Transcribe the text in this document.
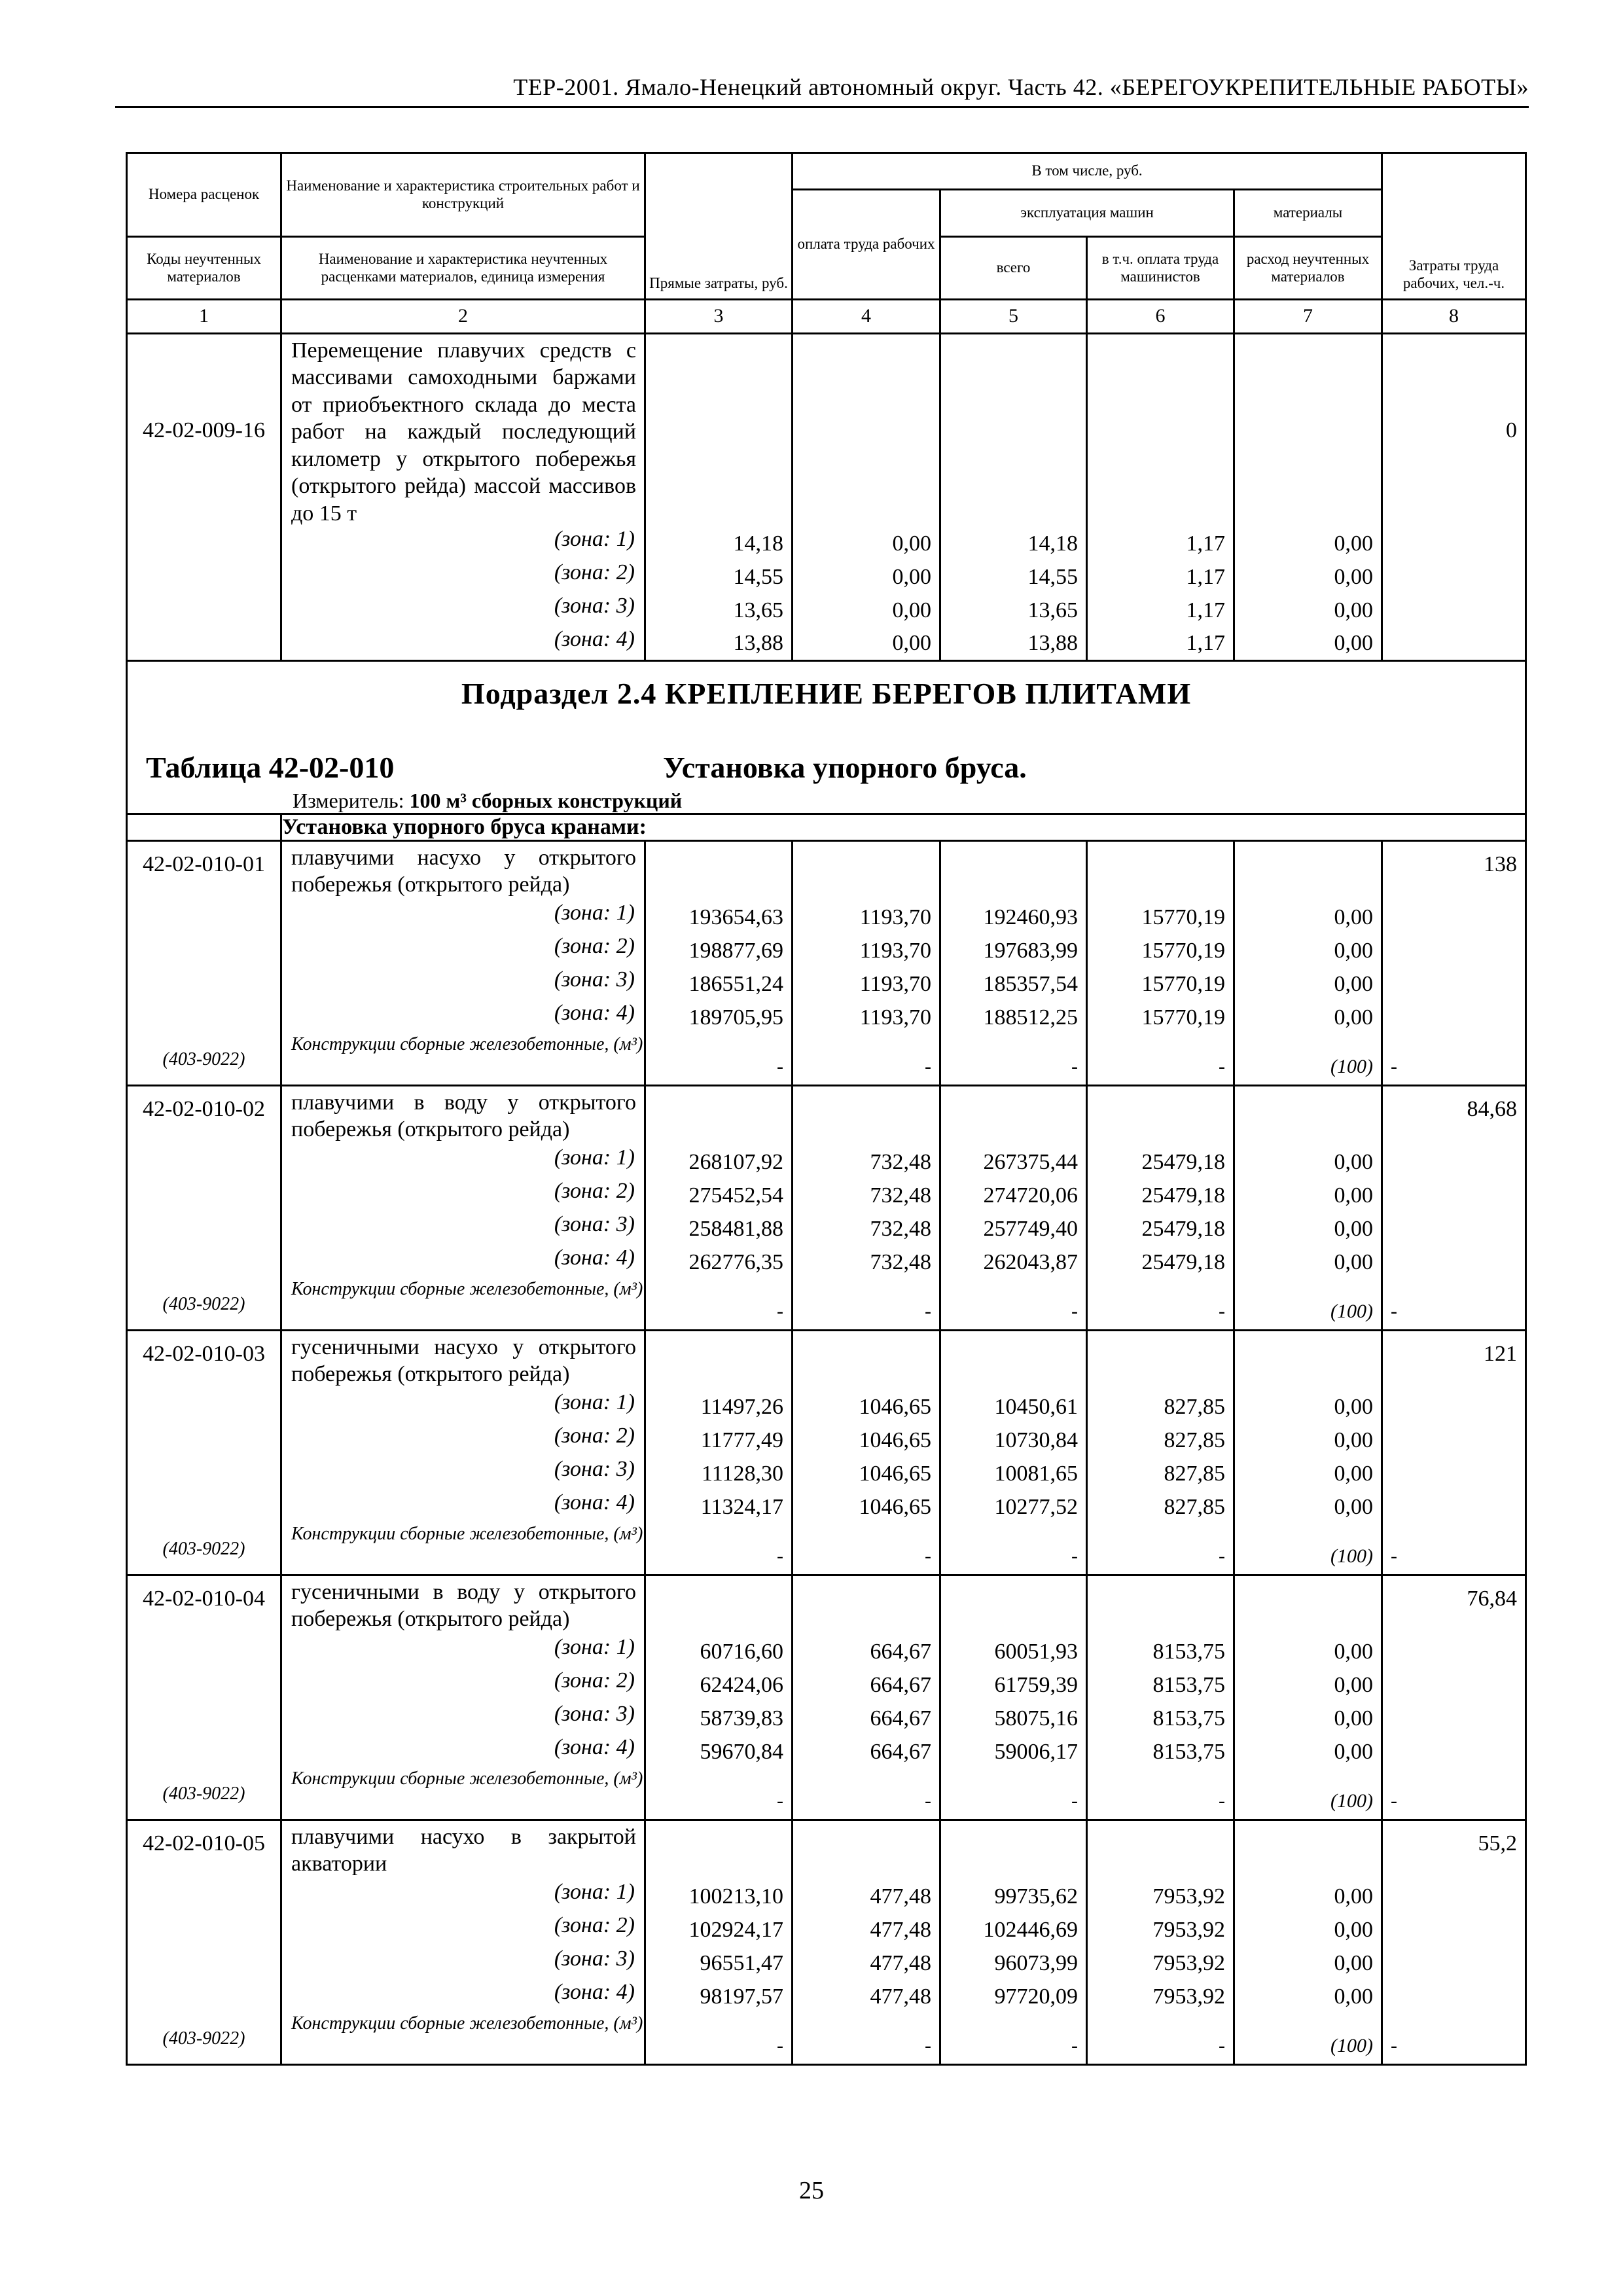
ТЕР-2001. Ямало-Ненецкий автономный округ. Часть 42. «БЕРЕГОУКРЕПИТЕЛЬНЫЕ РАБОТЫ»
Номера расценок	Наименование и характеристика строительных работ и конструкций	Прямые затраты, руб.	В том числе, руб.				Затраты труда рабочих, чел.-ч.
			оплата труда рабочих	эксплуатация машин		материалы	
Коды неучтенных материалов	Наименование и характеристика неучтенных расценками материалов, единица измерения			всего	в т.ч. оплата труда машинистов	расход неучтенных материалов	
1	2	3	4	5	6	7	8
42-02-009-16	Перемещение плавучих средств с массивами самоходными баржами от приобъектного склада до места работ на каждый последующий километр у открытого побережья (открытого рейда) массой массивов до 15 т						0
	(зона: 1)	14,18	0,00	14,18	1,17	0,00	
	(зона: 2)	14,55	0,00	14,55	1,17	0,00	
	(зона: 3)	13,65	0,00	13,65	1,17	0,00	
	(зона: 4)	13,88	0,00	13,88	1,17	0,00	

Подраздел 2.4 КРЕПЛЕНИЕ БЕРЕГОВ ПЛИТАМИ
Таблица 42-02-010 Установка упорного бруса.
Измеритель: 100 м³ сборных конструкций							

	Установка упорного бруса кранами:						
42-02-010-01	плавучими насухо у открытого побережья (открытого рейда)						138
	(зона: 1)	193654,63	1193,70	192460,93	15770,19	0,00	
	(зона: 2)	198877,69	1193,70	197683,99	15770,19	0,00	
	(зона: 3)	186551,24	1193,70	185357,54	15770,19	0,00	
	(зона: 4)	189705,95	1193,70	188512,25	15770,19	0,00	
(403-9022)	Конструкции сборные железобетонные, (м³)	-	-	-	-	(100)	-
42-02-010-02	плавучими в воду у открытого побережья (открытого рейда)						84,68
	(зона: 1)	268107,92	732,48	267375,44	25479,18	0,00	
	(зона: 2)	275452,54	732,48	274720,06	25479,18	0,00	
	(зона: 3)	258481,88	732,48	257749,40	25479,18	0,00	
	(зона: 4)	262776,35	732,48	262043,87	25479,18	0,00	
(403-9022)	Конструкции сборные железобетонные, (м³)	-	-	-	-	(100)	-
42-02-010-03	гусеничными насухо у открытого побережья (открытого рейда)						121
	(зона: 1)	11497,26	1046,65	10450,61	827,85	0,00	
	(зона: 2)	11777,49	1046,65	10730,84	827,85	0,00	
	(зона: 3)	11128,30	1046,65	10081,65	827,85	0,00	
	(зона: 4)	11324,17	1046,65	10277,52	827,85	0,00	
(403-9022)	Конструкции сборные железобетонные, (м³)	-	-	-	-	(100)	-
42-02-010-04	гусеничными в воду у открытого побережья (открытого рейда)						76,84
	(зона: 1)	60716,60	664,67	60051,93	8153,75	0,00	
	(зона: 2)	62424,06	664,67	61759,39	8153,75	0,00	
	(зона: 3)	58739,83	664,67	58075,16	8153,75	0,00	
	(зона: 4)	59670,84	664,67	59006,17	8153,75	0,00	
(403-9022)	Конструкции сборные железобетонные, (м³)	-	-	-	-	(100)	-
42-02-010-05	плавучими насухо в закрытой акватории						55,2
	(зона: 1)	100213,10	477,48	99735,62	7953,92	0,00	
	(зона: 2)	102924,17	477,48	102446,69	7953,92	0,00	
	(зона: 3)	96551,47	477,48	96073,99	7953,92	0,00	
	(зона: 4)	98197,57	477,48	97720,09	7953,92	0,00	
(403-9022)	Конструкции сборные железобетонные, (м³)	-	-	-	-	(100)	-
25
